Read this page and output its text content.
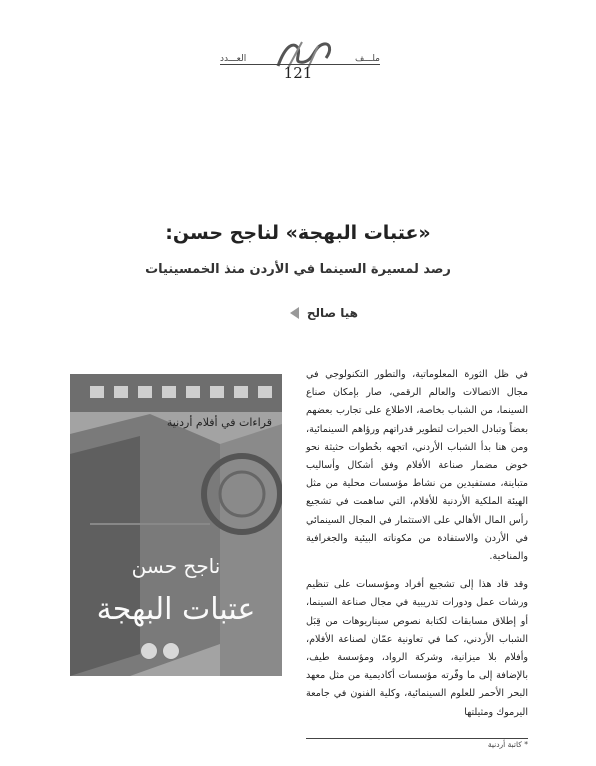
ملـــف
العـــدد
121
«عتبات البهجة» لناجح حسن:
رصد لمسيرة السينما في الأردن منذ الخمسينيات
هيا صالح
قراءات في أفلام أردنية
ناجح حسن
عتبات البهجة

في ظل الثورة المعلوماتية، والتطور التكنولوجي في مجال الاتصالات والعالم الرقمي، صار بإمكان صناع السينما، من الشباب بخاصة، الاطلاع على تجارب بعضهم بعضاً وتبادل الخبرات لتطوير قدراتهم ورؤاهم السينمائية، ومن هنا بدأ الشباب الأردني، اتجهه بخُطوات حثيثة نحو خوض مضمار صناعة الأفلام وفق أشكال وأساليب متباينة، مستفيدين من نشاط مؤسسات محلية من مثل الهيئة الملكية الأردنية للأفلام، التي ساهمت في تشجيع رأس المال الأهالي على الاستثمار في المجال السينمائي في الأردن والاستفادة من مكوناته البيئية والجغرافية والمناخية.

وقد قاد هذا إلى تشجيع أفراد ومؤسسات على تنظيم ورشات عمل ودورات تدريبية في مجال صناعة السينما، أو إطلاق مسابقات لكتابة نصوص سيناريوهات من قِبَل الشباب الأردني، كما في تعاونية عمّان لصناعة الأفلام، وأفلام بلا ميزانية، وشركة الرواد، ومؤسسة طيف، بالإضافة إلى ما وفّرته مؤسسات أكاديمية من مثل معهد البحر الأحمر للعلوم السينمائية، وكلية الفنون في جامعة اليرموك ومثيلتها

* كاتبة أردنية
